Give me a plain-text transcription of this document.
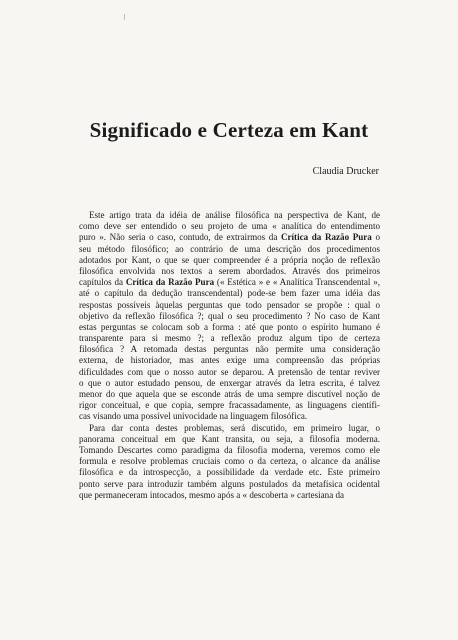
Significado e Certeza em Kant
Claudia Drucker
Este artigo trata da idéia de análise filosófica na perspectiva de Kant, de
como deve ser entendido o seu projeto de uma « analítica do entendimento
puro ». Não seria o caso, contudo, de extrairmos da Crítica da Razão Pura o
seu método filosófico; ao contrário de uma descrição dos procedimentos
adotados por Kant, o que se quer compreender é a própria noção de reflexão
filosófica envolvida nos textos a serem abordados. Através dos primeiros
capítulos da Crítica da Razão Pura (« Estética » e « Analítica Transcendental »,
até o capítulo da dedução transcendental) pode-se bem fazer uma idéia das
respostas possíveis àquelas perguntas que todo pensador se propõe : qual o
objetivo da reflexão filosófica ?; qual o seu procedimento ? No caso de Kant
estas perguntas se colocam sob a forma : até que ponto o espírito humano é
transparente para si mesmo ?; a reflexão produz algum tipo de certeza
filosófica ? A retomada destas perguntas não permite uma consideração
externa, de historiador, mas antes exige uma compreensão das próprias
dificuldades com que o nosso autor se deparou. A pretensão de tentar reviver
o que o autor estudado pensou, de enxergar através da letra escrita, é talvez
menor do que aquela que se esconde atrás de uma sempre discutível noção de
rigor conceitual, e que copia, sempre fracassadamente, as linguagens científi-
cas visando uma possível univocidade na linguagem filosófica.
Para dar conta destes problemas, será discutido, em primeiro lugar, o
panorama conceitual em que Kant transita, ou seja, a filosofia moderna.
Tomando Descartes como paradigma da filosofia moderna, veremos como ele
formula e resolve problemas cruciais como o da certeza, o alcance da análise
filosófica e da introspecção, a possibilidade da verdade etc. Este primeiro
ponto serve para introduzir também alguns postulados da metafísica ocidental
que permaneceram intocados, mesmo após a « descoberta » cartesiana da
